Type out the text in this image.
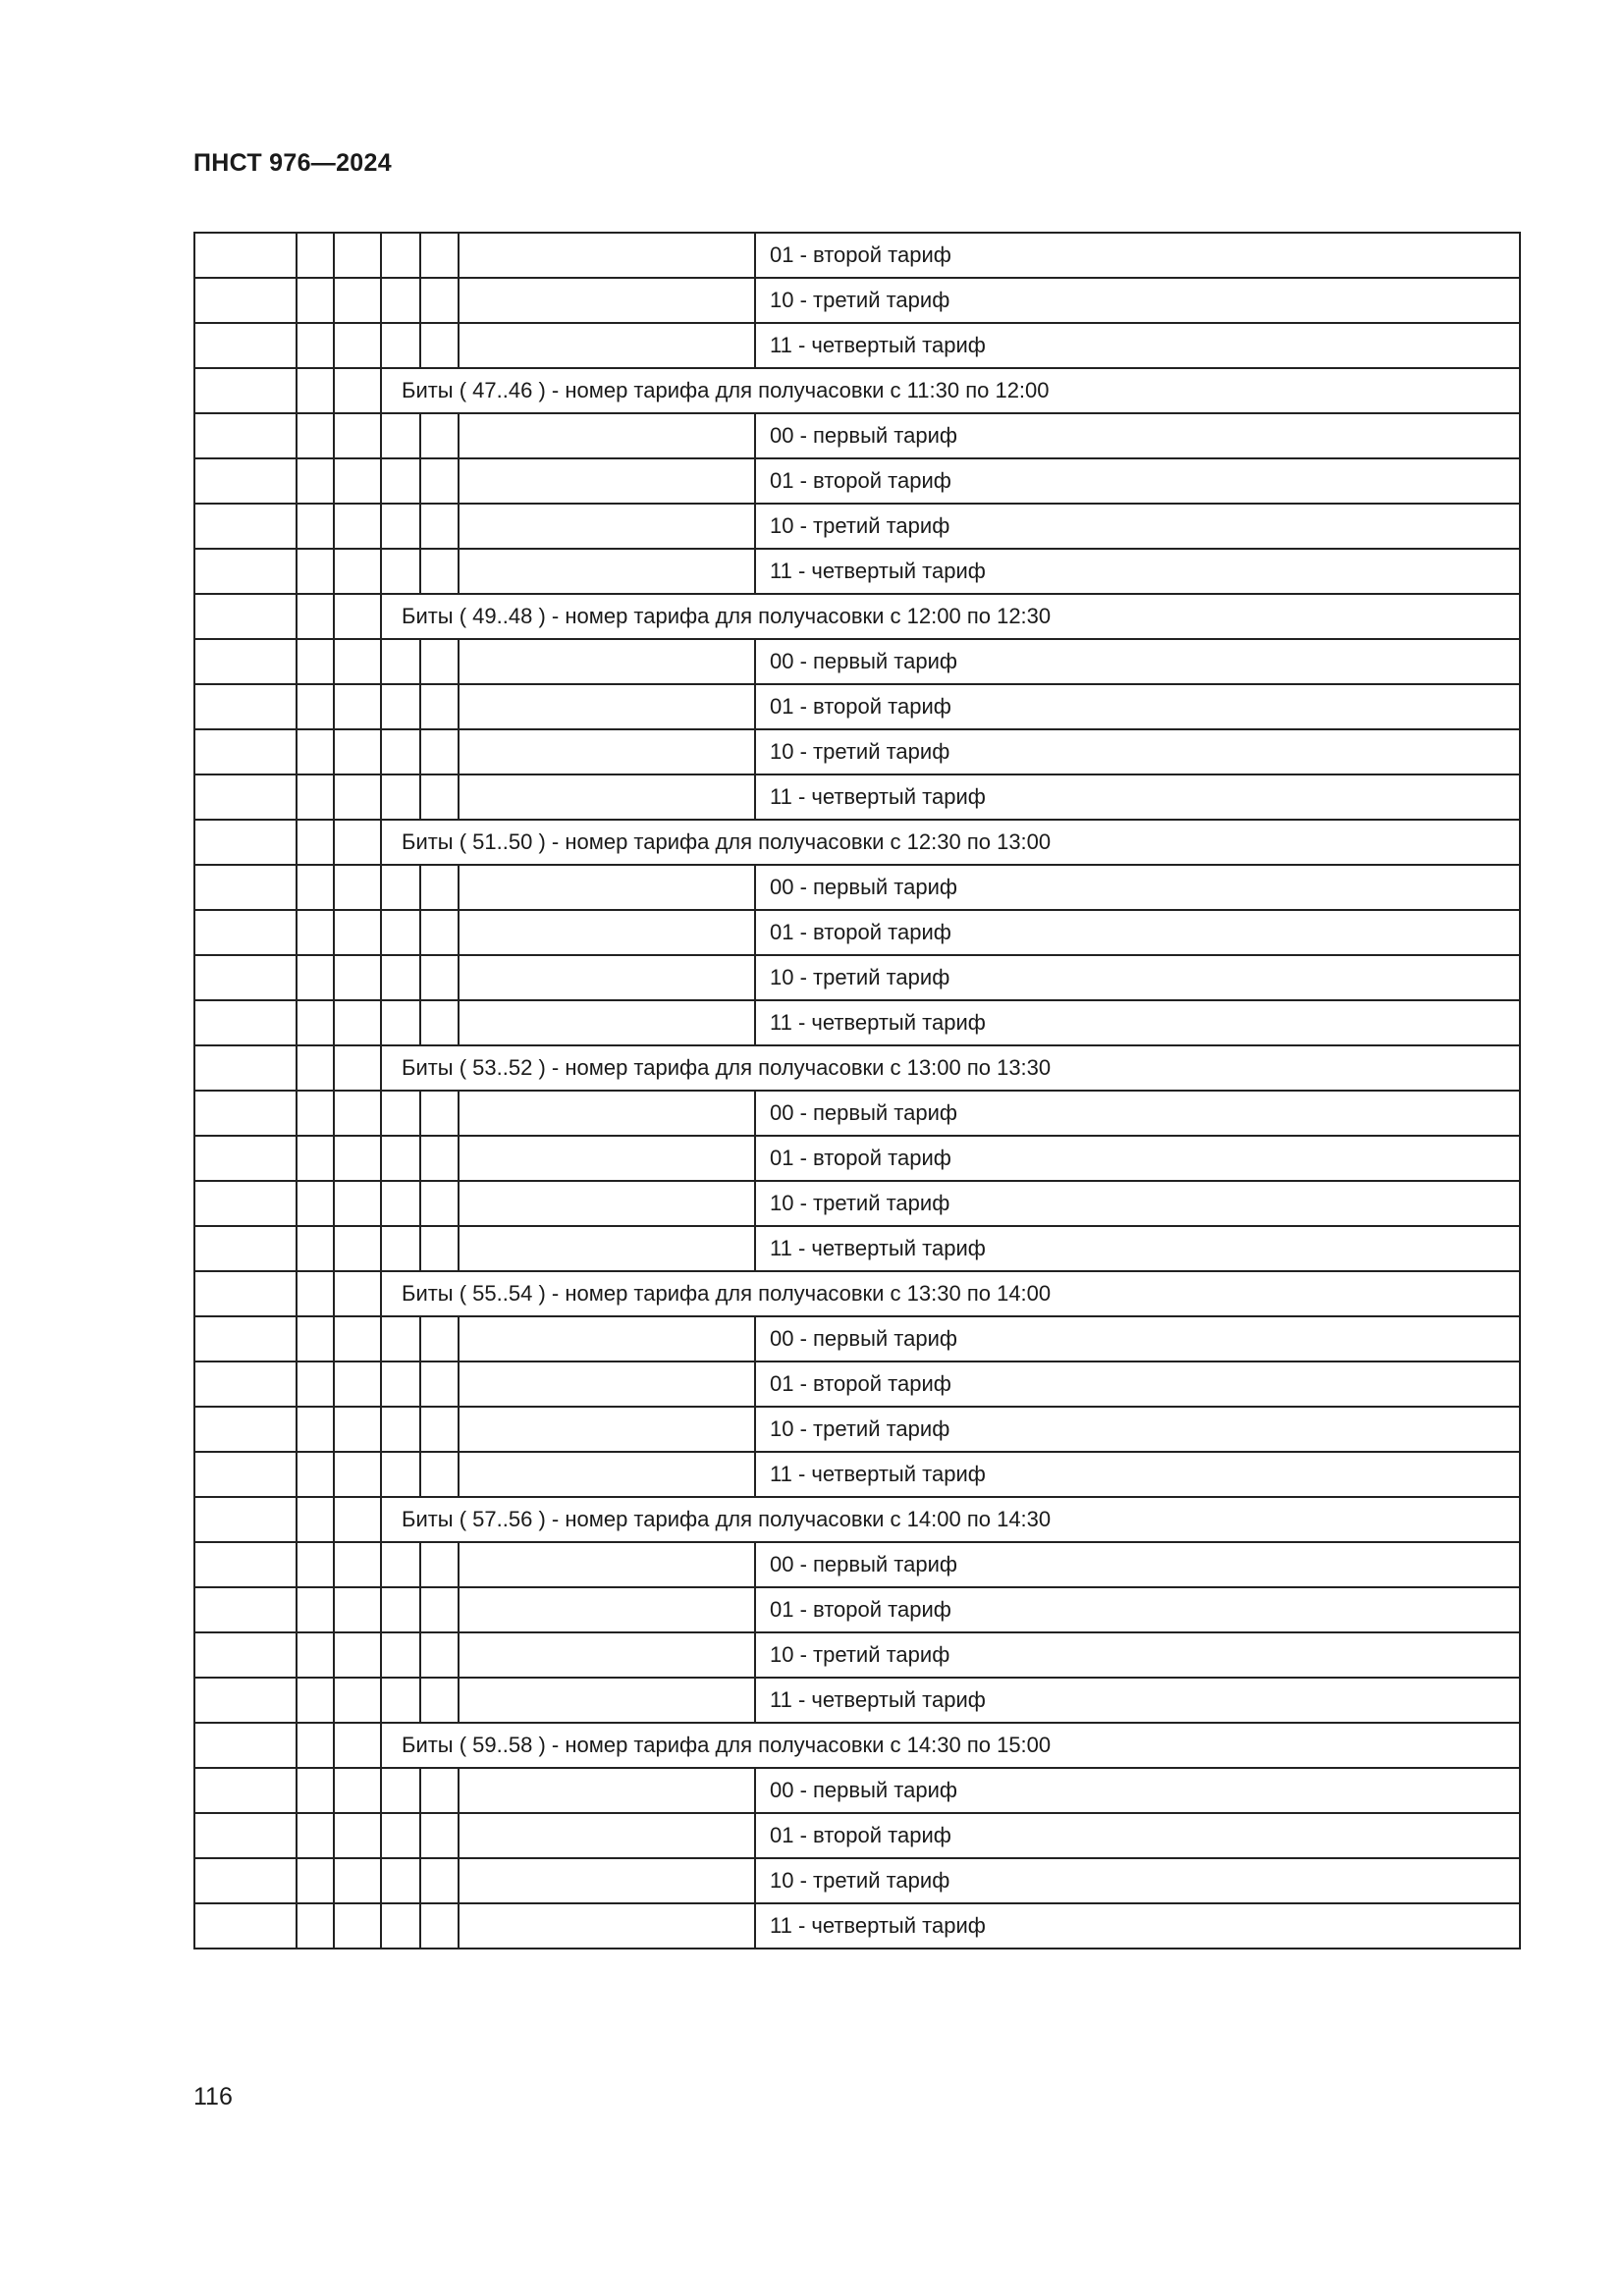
ПНСТ 976—2024
						01 - второй тариф
						10 - третий тариф
						11 - четвертый тариф
			Биты ( 47..46 ) - номер тарифа для получасовки с 11:30 по 12:00			
						00 - первый тариф
						01 - второй тариф
						10 - третий тариф
						11 - четвертый тариф
			Биты ( 49..48 ) - номер тарифа для получасовки с 12:00 по 12:30			
						00 - первый тариф
						01 - второй тариф
						10 - третий тариф
						11 - четвертый тариф
			Биты ( 51..50 ) - номер тарифа для получасовки с 12:30 по 13:00			
						00 - первый тариф
						01 - второй тариф
						10 - третий тариф
						11 - четвертый тариф
			Биты ( 53..52 ) - номер тарифа для получасовки с 13:00 по 13:30			
						00 - первый тариф
						01 - второй тариф
						10 - третий тариф
						11 - четвертый тариф
			Биты ( 55..54 ) - номер тарифа для получасовки с 13:30 по 14:00			
						00 - первый тариф
						01 - второй тариф
						10 - третий тариф
						11 - четвертый тариф
			Биты ( 57..56 ) - номер тарифа для получасовки с 14:00 по 14:30			
						00 - первый тариф
						01 - второй тариф
						10 - третий тариф
						11 - четвертый тариф
			Биты ( 59..58 ) - номер тарифа для получасовки с 14:30 по 15:00			
						00 - первый тариф
						01 - второй тариф
						10 - третий тариф
						11 - четвертый тариф
116
